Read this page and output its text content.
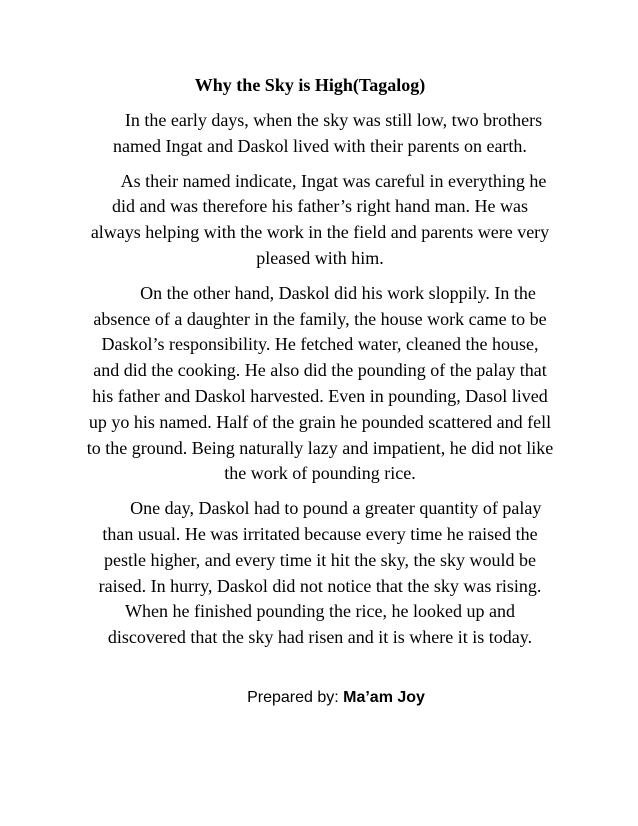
Why the Sky is High(Tagalog)

In the early days, when the sky was still low, two brothers
named Ingat and Daskol lived with their parents on earth.

As their named indicate, Ingat was careful in everything he
did and was therefore his father’s right hand man. He was
always helping with the work in the field and parents were very
pleased with him.

On the other hand, Daskol did his work sloppily. In the
absence of a daughter in the family, the house work came to be
Daskol’s responsibility. He fetched water, cleaned the house,
and did the cooking. He also did the pounding of the palay that
his father and Daskol harvested. Even in pounding, Dasol lived
up yo his named. Half of the grain he pounded scattered and fell
to the ground. Being naturally lazy and impatient, he did not like
the work of pounding rice.

One day, Daskol had to pound a greater quantity of palay
than usual. He was irritated because every time he raised the
pestle higher, and every time it hit the sky, the sky would be
raised. In hurry, Daskol did not notice that the sky was rising.
When he finished pounding the rice, he looked up and
discovered that the sky had risen and it is where it is today.

Prepared by: Ma’am Joy
